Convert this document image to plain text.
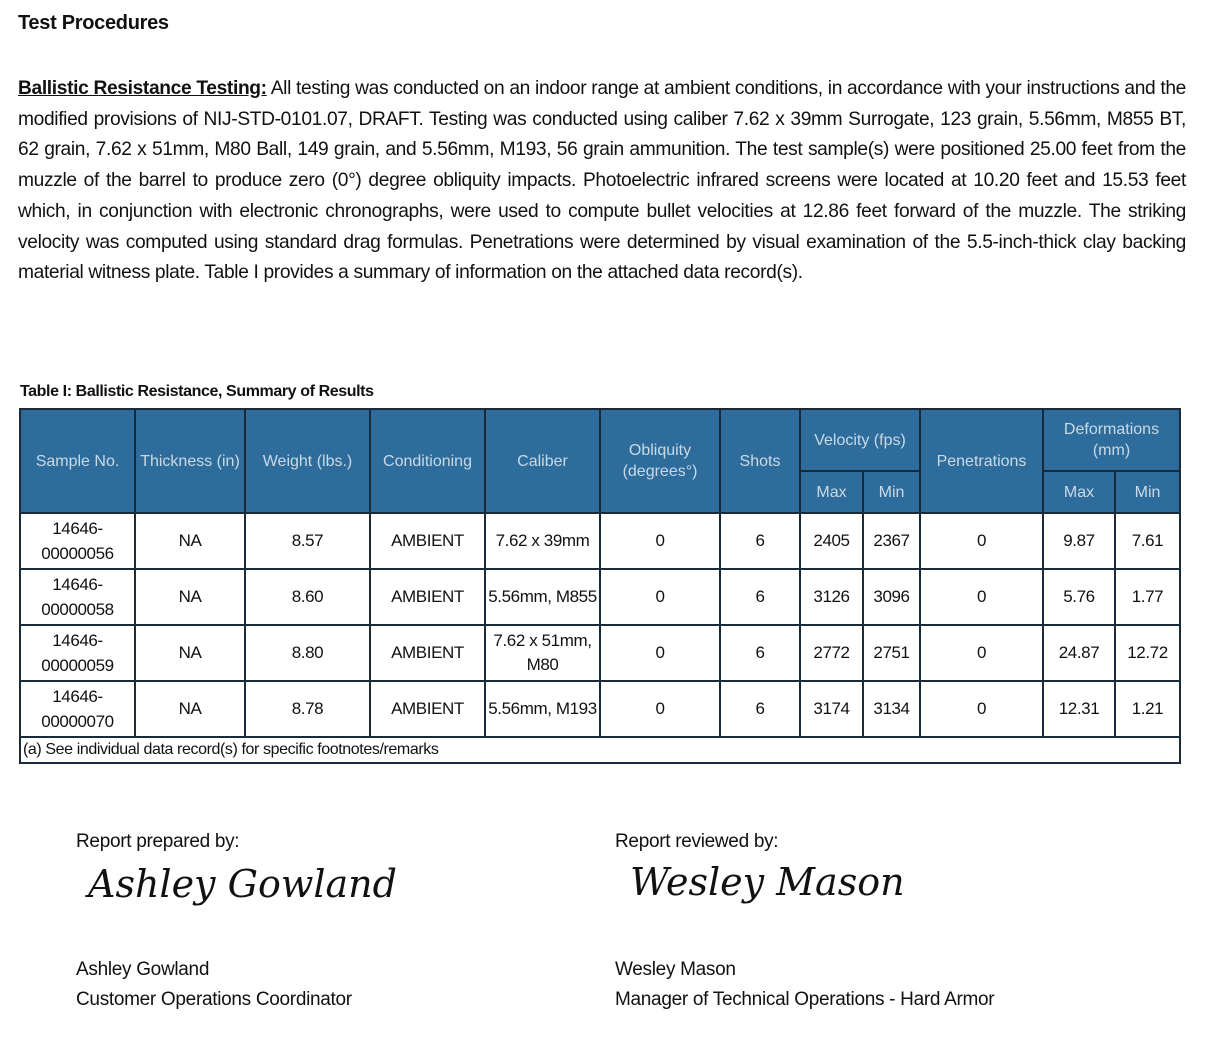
Test Procedures
Ballistic Resistance Testing: All testing was conducted on an indoor range at ambient conditions, in accordance with your instructions and the modified provisions of NIJ-STD-0101.07, DRAFT. Testing was conducted using caliber 7.62 x 39mm Surrogate, 123 grain, 5.56mm, M855 BT, 62 grain, 7.62 x 51mm, M80 Ball, 149 grain, and 5.56mm, M193, 56 grain ammunition. The test sample(s) were positioned 25.00 feet from the muzzle of the barrel to produce zero (0°) degree obliquity impacts. Photoelectric infrared screens were located at 10.20 feet and 15.53 feet which, in conjunction with electronic chronographs, were used to compute bullet velocities at 12.86 feet forward of the muzzle. The striking velocity was computed using standard drag formulas. Penetrations were determined by visual examination of the 5.5-inch-thick clay backing material witness plate. Table I provides a summary of information on the attached data record(s).
Table I: Ballistic Resistance, Summary of Results
Sample No.	Thickness (in)	Weight (lbs.)	Conditioning	Caliber	Obliquity (degrees°)	Shots	Velocity (fps)		Penetrations	Deformations (mm)	
							Max	Min		Max	Min
14646-00000056	NA	8.57	AMBIENT	7.62 x 39mm	0	6	2405	2367	0	9.87	7.61
14646-00000058	NA	8.60	AMBIENT	5.56mm, M855	0	6	3126	3096	0	5.76	1.77
14646-00000059	NA	8.80	AMBIENT	7.62 x 51mm, M80	0	6	2772	2751	0	24.87	12.72
14646-00000070	NA	8.78	AMBIENT	5.56mm, M193	0	6	3174	3134	0	12.31	1.21
(a) See individual data record(s) for specific footnotes/remarks											
Report prepared by:
Ashley Gowland
Ashley Gowland
Customer Operations Coordinator
Report reviewed by:
Wesley Mason
Wesley Mason
Manager of Technical Operations - Hard Armor
